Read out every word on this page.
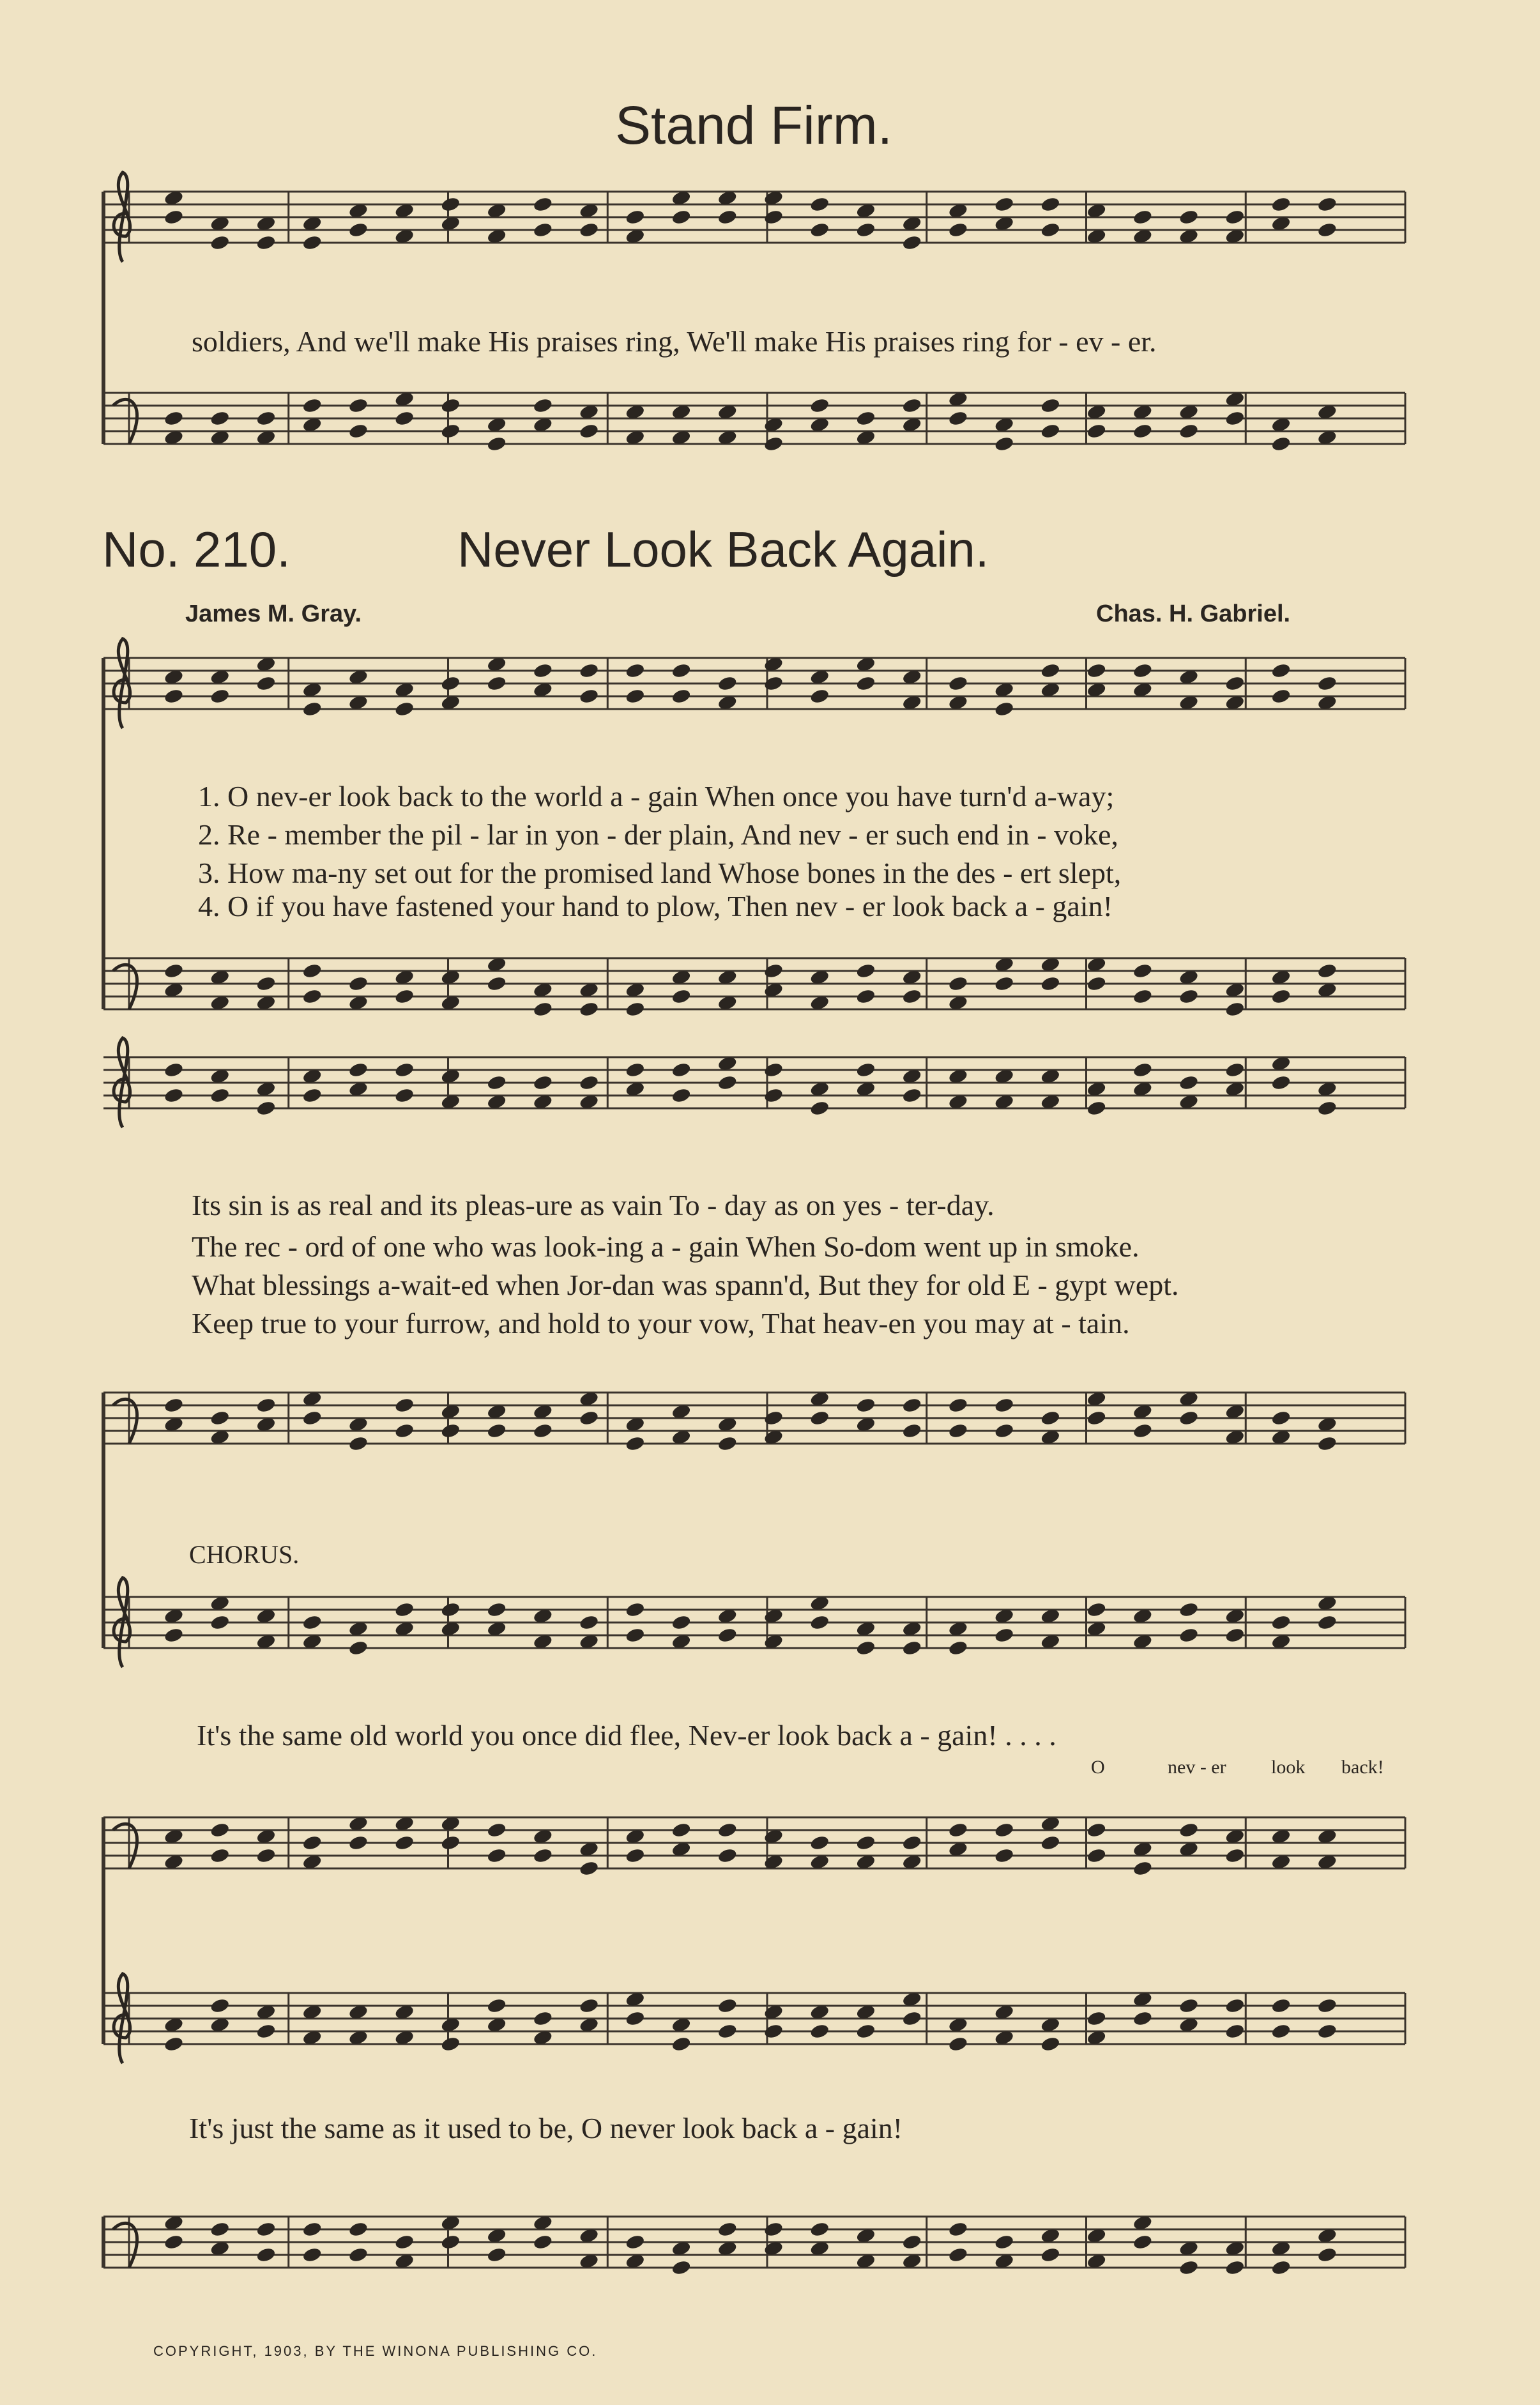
Stand Firm.
soldiers, And we'll make His praises ring, We'll make His praises ring for - ev - er.
No. 210.	Never Look Back Again.
James M. Gray.	Chas. H. Gabriel.
1. O nev-er look back to the world a - gain When once you have turn'd a-way;
2. Re - member the pil - lar in yon - der plain, And nev - er such end in - voke,
3. How ma-ny set out for the promised land Whose bones in the des - ert slept,
4. O if you have fastened your hand to plow, Then nev - er look back a - gain!
Its sin is as real and its pleas-ure as vain To - day as on yes - ter-day.
The rec - ord of one who was look-ing a - gain When So-dom went up in smoke.
What blessings a-wait-ed when Jor-dan was spann'd, But they for old E - gypt wept.
Keep true to your furrow, and hold to your vow, That heav-en you may at - tain.
CHORUS.
It's the same old world you once did flee, Nev-er look back a - gain! . . . .
O	nev - er look back!
It's just the same as it used to be, O never look back a - gain!
COPYRIGHT, 1903, BY THE WINONA PUBLISHING CO.
